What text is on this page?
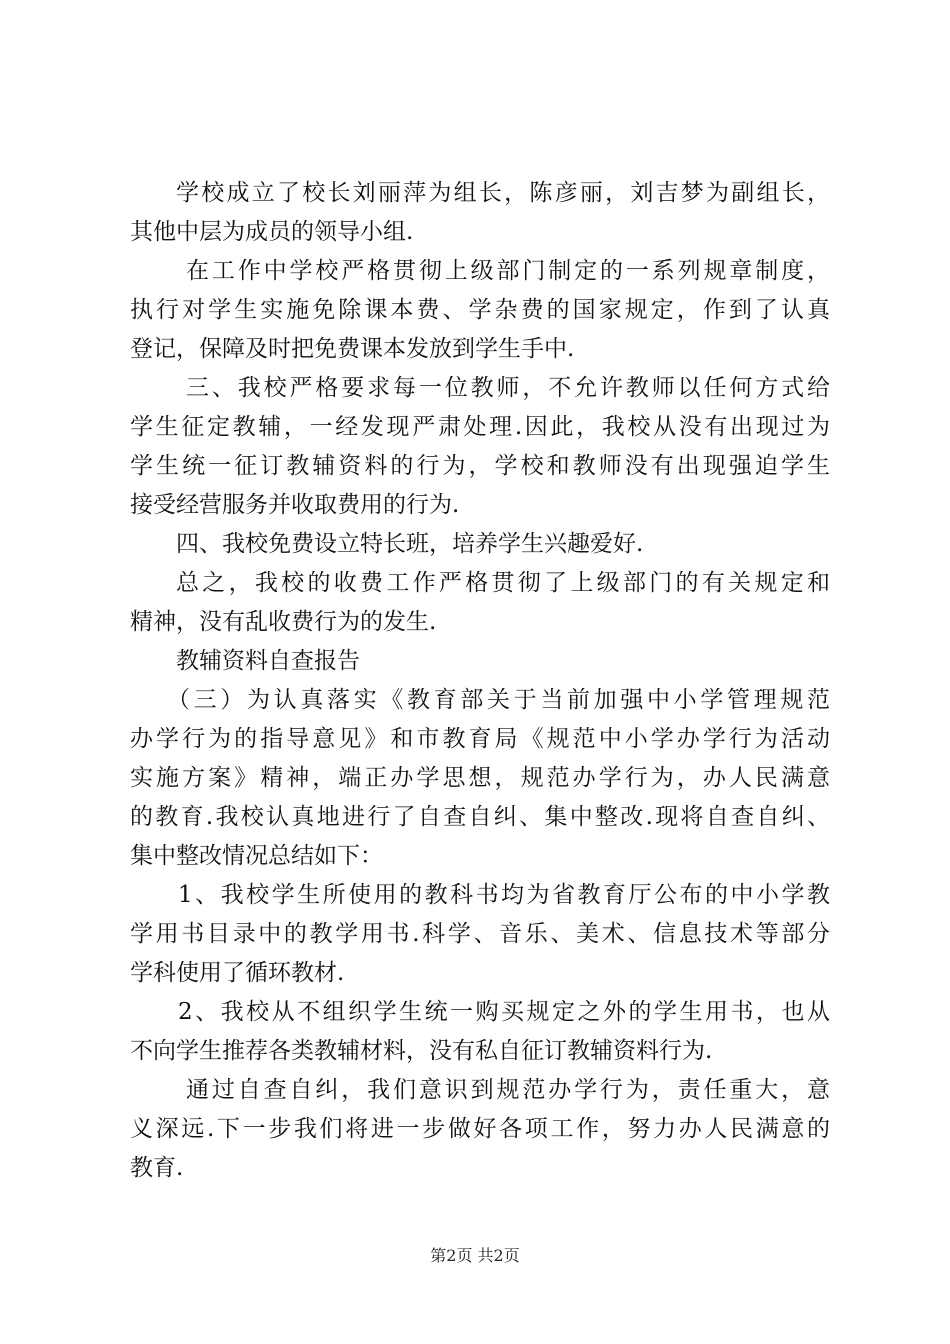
学校成立了校长刘丽萍为组长，陈彦丽，刘吉梦为副组长，
其他中层为成员的领导小组.
在工作中学校严格贯彻上级部门制定的一系列规章制度，
执行对学生实施免除课本费、学杂费的国家规定，作到了认真
登记，保障及时把免费课本发放到学生手中.
三、我校严格要求每一位教师，不允许教师以任何方式给
学生征定教辅，一经发现严肃处理.因此，我校从没有出现过为
学生统一征订教辅资料的行为，学校和教师没有出现强迫学生
接受经营服务并收取费用的行为.
四、我校免费设立特长班，培养学生兴趣爱好.
总之，我校的收费工作严格贯彻了上级部门的有关规定和
精神，没有乱收费行为的发生.
教辅资料自查报告
（三）为认真落实《教育部关于当前加强中小学管理规范
办学行为的指导意见》和市教育局《规范中小学办学行为活动
实施方案》精神，端正办学思想，规范办学行为，办人民满意
的教育.我校认真地进行了自查自纠、集中整改.现将自查自纠、
集中整改情况总结如下：
1、我校学生所使用的教科书均为省教育厅公布的中小学教
学用书目录中的教学用书.科学、音乐、美术、信息技术等部分
学科使用了循环教材.
2、我校从不组织学生统一购买规定之外的学生用书，也从
不向学生推荐各类教辅材料，没有私自征订教辅资料行为.
通过自查自纠，我们意识到规范办学行为，责任重大，意
义深远.下一步我们将进一步做好各项工作，努力办人民满意的
教育.
第2页 共2页
